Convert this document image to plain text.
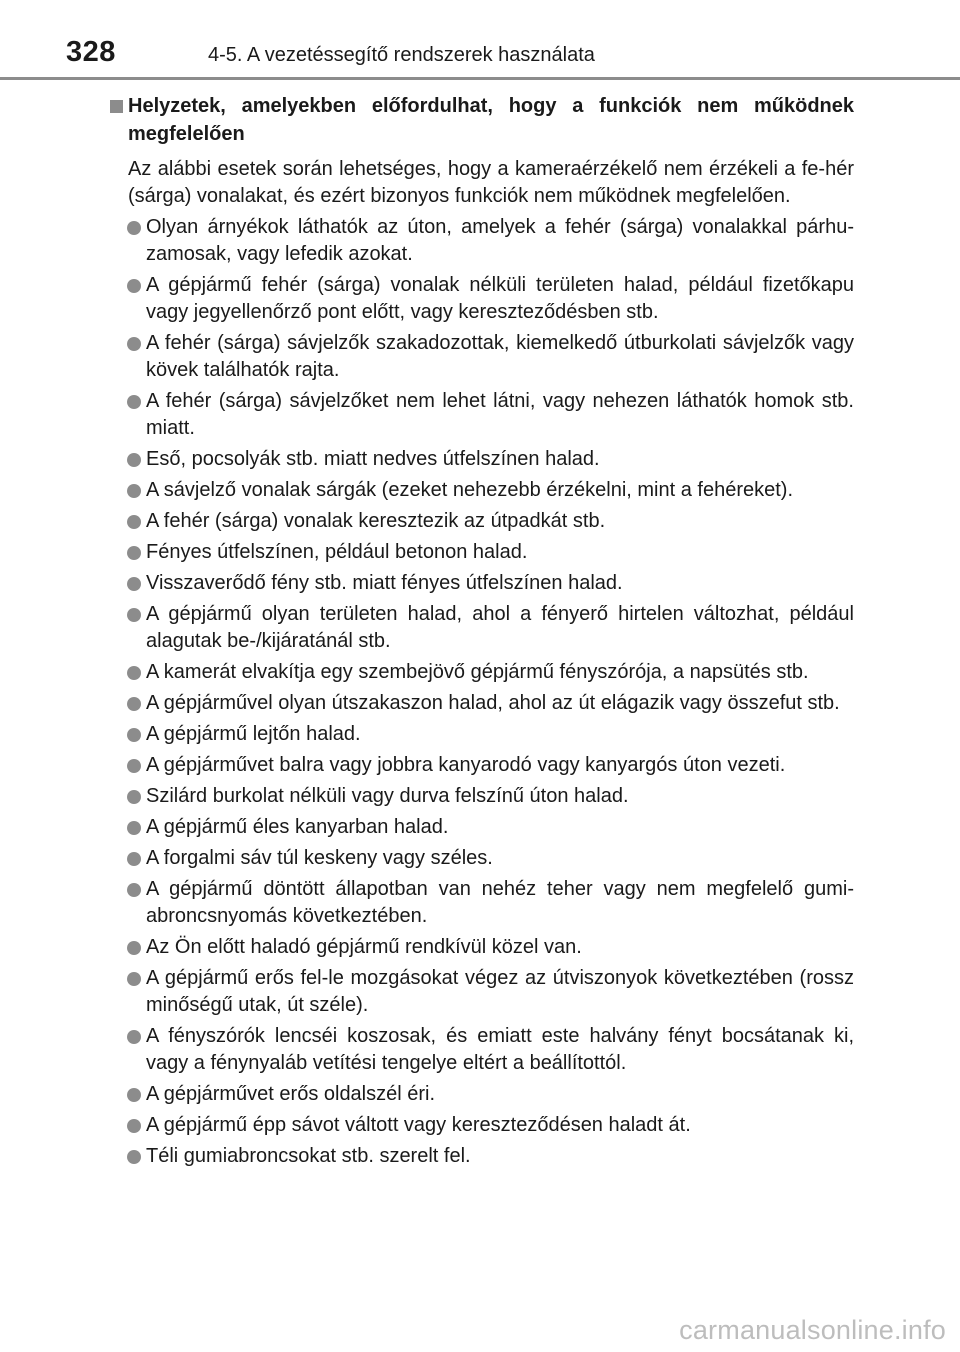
328	4-5. A vezetéssegítő rendszerek használata
Helyzetek, amelyekben előfordulhat, hogy a funkciók nem működnek megfelelően
Az alábbi esetek során lehetséges, hogy a kameraérzékelő nem érzékeli a fe-hér (sárga) vonalakat, és ezért bizonyos funkciók nem működnek megfelelően.
Olyan árnyékok láthatók az úton, amelyek a fehér (sárga) vonalakkal párhu-zamosak, vagy lefedik azokat.
A gépjármű fehér (sárga) vonalak nélküli területen halad, például fizetőkapu vagy jegyellenőrző pont előtt, vagy kereszteződésben stb.
A fehér (sárga) sávjelzők szakadozottak, kiemelkedő útburkolati sávjelzők vagy kövek találhatók rajta.
A fehér (sárga) sávjelzőket nem lehet látni, vagy nehezen láthatók homok stb. miatt.
Eső, pocsolyák stb. miatt nedves útfelszínen halad.
A sávjelző vonalak sárgák (ezeket nehezebb érzékelni, mint a fehéreket).
A fehér (sárga) vonalak keresztezik az útpadkát stb.
Fényes útfelszínen, például betonon halad.
Visszaverődő fény stb. miatt fényes útfelszínen halad.
A gépjármű olyan területen halad, ahol a fényerő hirtelen változhat, például alagutak be-/kijáratánál stb.
A kamerát elvakítja egy szembejövő gépjármű fényszórója, a napsütés stb.
A gépjárművel olyan útszakaszon halad, ahol az út elágazik vagy összefut stb.
A gépjármű lejtőn halad.
A gépjárművet balra vagy jobbra kanyarodó vagy kanyargós úton vezeti.
Szilárd burkolat nélküli vagy durva felszínű úton halad.
A gépjármű éles kanyarban halad.
A forgalmi sáv túl keskeny vagy széles.
A gépjármű döntött állapotban van nehéz teher vagy nem megfelelő gumi-abroncsnyomás következtében.
Az Ön előtt haladó gépjármű rendkívül közel van.
A gépjármű erős fel-le mozgásokat végez az útviszonyok következtében (rossz minőségű utak, út széle).
A fényszórók lencséi koszosak, és emiatt este halvány fényt bocsátanak ki, vagy a fénynyaláb vetítési tengelye eltért a beállítottól.
A gépjárművet erős oldalszél éri.
A gépjármű épp sávot váltott vagy kereszteződésen haladt át.
Téli gumiabroncsokat stb. szerelt fel.
carmanualsonline.info
